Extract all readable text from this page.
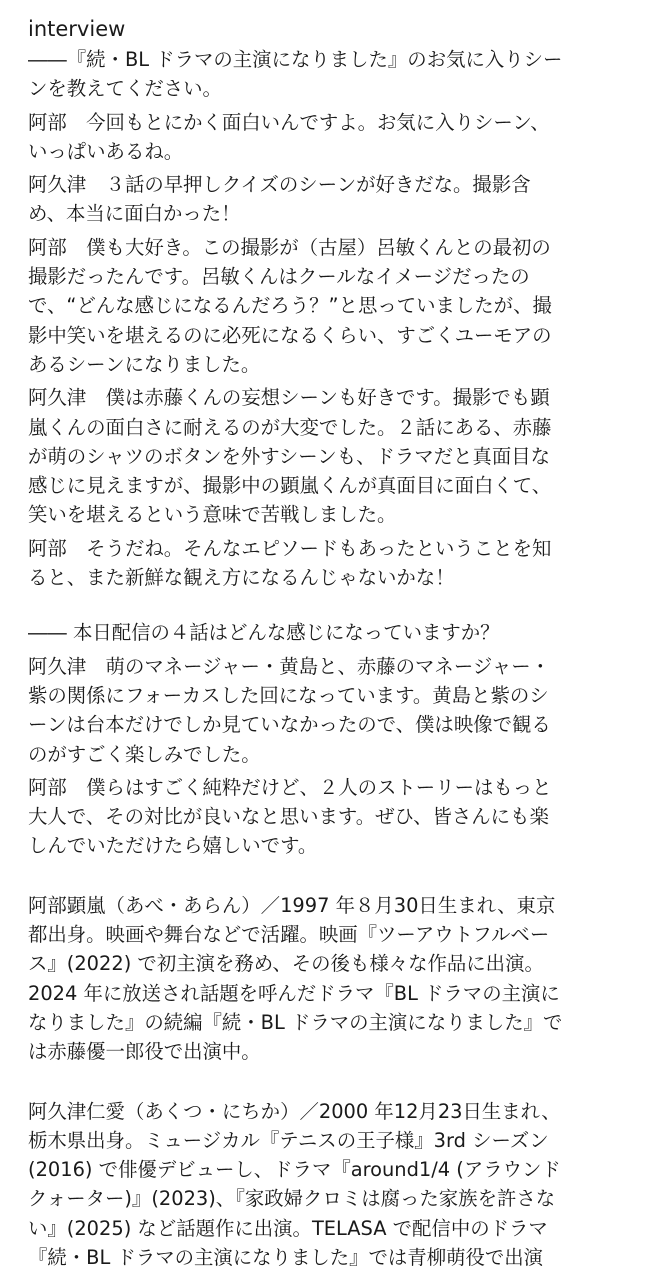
interview
――『続・BL ドラマの主演になりました』のお気に入りシー
ンを教えてください。
阿部　今回もとにかく面白いんですよ。お気に入りシーン、
いっぱいあるね。
阿久津　３話の早押しクイズのシーンが好きだな。撮影含
め、本当に面白かった！
阿部　僕も大好き。この撮影が（古屋）呂敏くんとの最初の
撮影だったんです。呂敏くんはクールなイメージだったの
で、“どんな感じになるんだろう？”と思っていましたが、撮
影中笑いを堪えるのに必死になるくらい、すごくユーモアの
あるシーンになりました。
阿久津　僕は赤藤くんの妄想シーンも好きです。撮影でも顕
嵐くんの面白さに耐えるのが大変でした。２話にある、赤藤
が萌のシャツのボタンを外すシーンも、ドラマだと真面目な
感じに見えますが、撮影中の顕嵐くんが真面目に面白くて、
笑いを堪えるという意味で苦戦しました。
阿部　そうだね。そんなエピソードもあったということを知
ると、また新鮮な観え方になるんじゃないかな！
―― 本日配信の４話はどんな感じになっていますか？
阿久津　萌のマネージャー・黄島と、赤藤のマネージャー・
紫の関係にフォーカスした回になっています。黄島と紫のシ
ーンは台本だけでしか見ていなかったので、僕は映像で観る
のがすごく楽しみでした。
阿部　僕らはすごく純粋だけど、２人のストーリーはもっと
大人で、その対比が良いなと思います。ぜひ、皆さんにも楽
しんでいただけたら嬉しいです。
阿部顕嵐（あべ・あらん）／1997 年８月30日生まれ、東京
都出身。映画や舞台などで活躍。映画『ツーアウトフルベー
ス』(2022) で初主演を務め、その後も様々な作品に出演。
2024 年に放送され話題を呼んだドラマ『BL ドラマの主演に
なりました』の続編『続・BL ドラマの主演になりました』で
は赤藤優一郎役で出演中。
阿久津仁愛（あくつ・にちか）／2000 年12月23日生まれ、
栃木県出身。ミュージカル『テニスの王子様』3rd シーズン
(2016) で俳優デビューし、ドラマ『around1/4 (アラウンド
クォーター)』(2023)、『家政婦クロミは腐った家族を許さな
い』(2025) など話題作に出演。TELASA で配信中のドラマ
『続・BL ドラマの主演になりました』では青柳萌役で出演
